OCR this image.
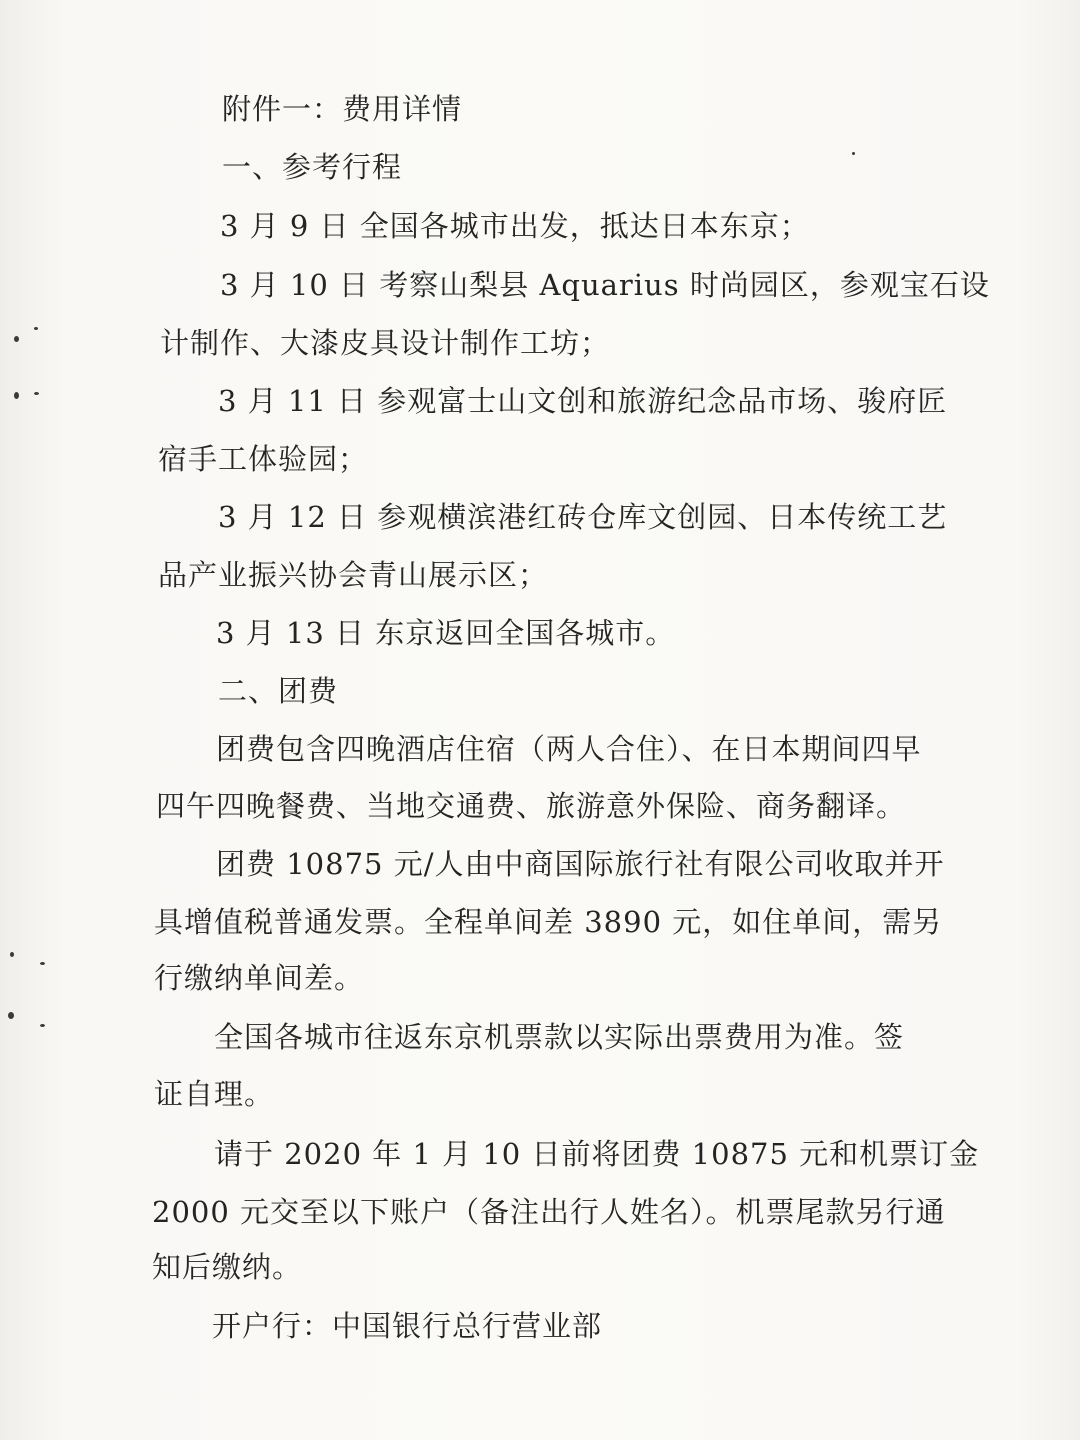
附件一：费用详情
一、参考行程
3 月 9 日 全国各城市出发，抵达日本东京；
3 月 10 日 考察山梨县 Aquarius 时尚园区，参观宝石设
计制作、大漆皮具设计制作工坊；
3 月 11 日 参观富士山文创和旅游纪念品市场、骏府匠
宿手工体验园；
3 月 12 日 参观横滨港红砖仓库文创园、日本传统工艺
品产业振兴协会青山展示区；
3 月 13 日 东京返回全国各城市。
二、团费
团费包含四晚酒店住宿（两人合住）、在日本期间四早
四午四晚餐费、当地交通费、旅游意外保险、商务翻译。
团费 10875 元/人由中商国际旅行社有限公司收取并开
具增值税普通发票。全程单间差 3890 元，如住单间，需另
行缴纳单间差。
全国各城市往返东京机票款以实际出票费用为准。签
证自理。
请于 2020 年 1 月 10 日前将团费 10875 元和机票订金
2000 元交至以下账户（备注出行人姓名）。机票尾款另行通
知后缴纳。
开户行：中国银行总行营业部
